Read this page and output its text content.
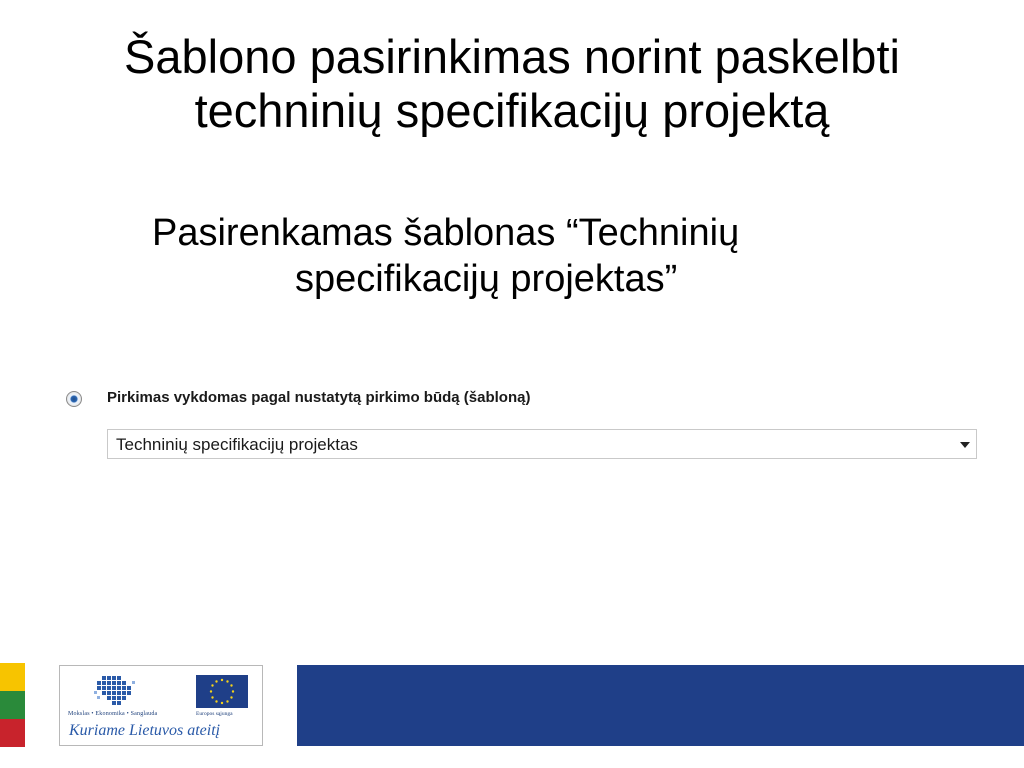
Šablono pasirinkimas norint paskelbti
techninių specifikacijų projektą
Pasirenkamas šablonas “Techninių
specifikacijų projektas”
Pirkimas vykdomas pagal nustatytą pirkimo būdą (šabloną)
Techninių specifikacijų projektas
Mokslas • Ekonomika • Sanglauda	Europos sąjunga
Kuriame Lietuvos ateitį
